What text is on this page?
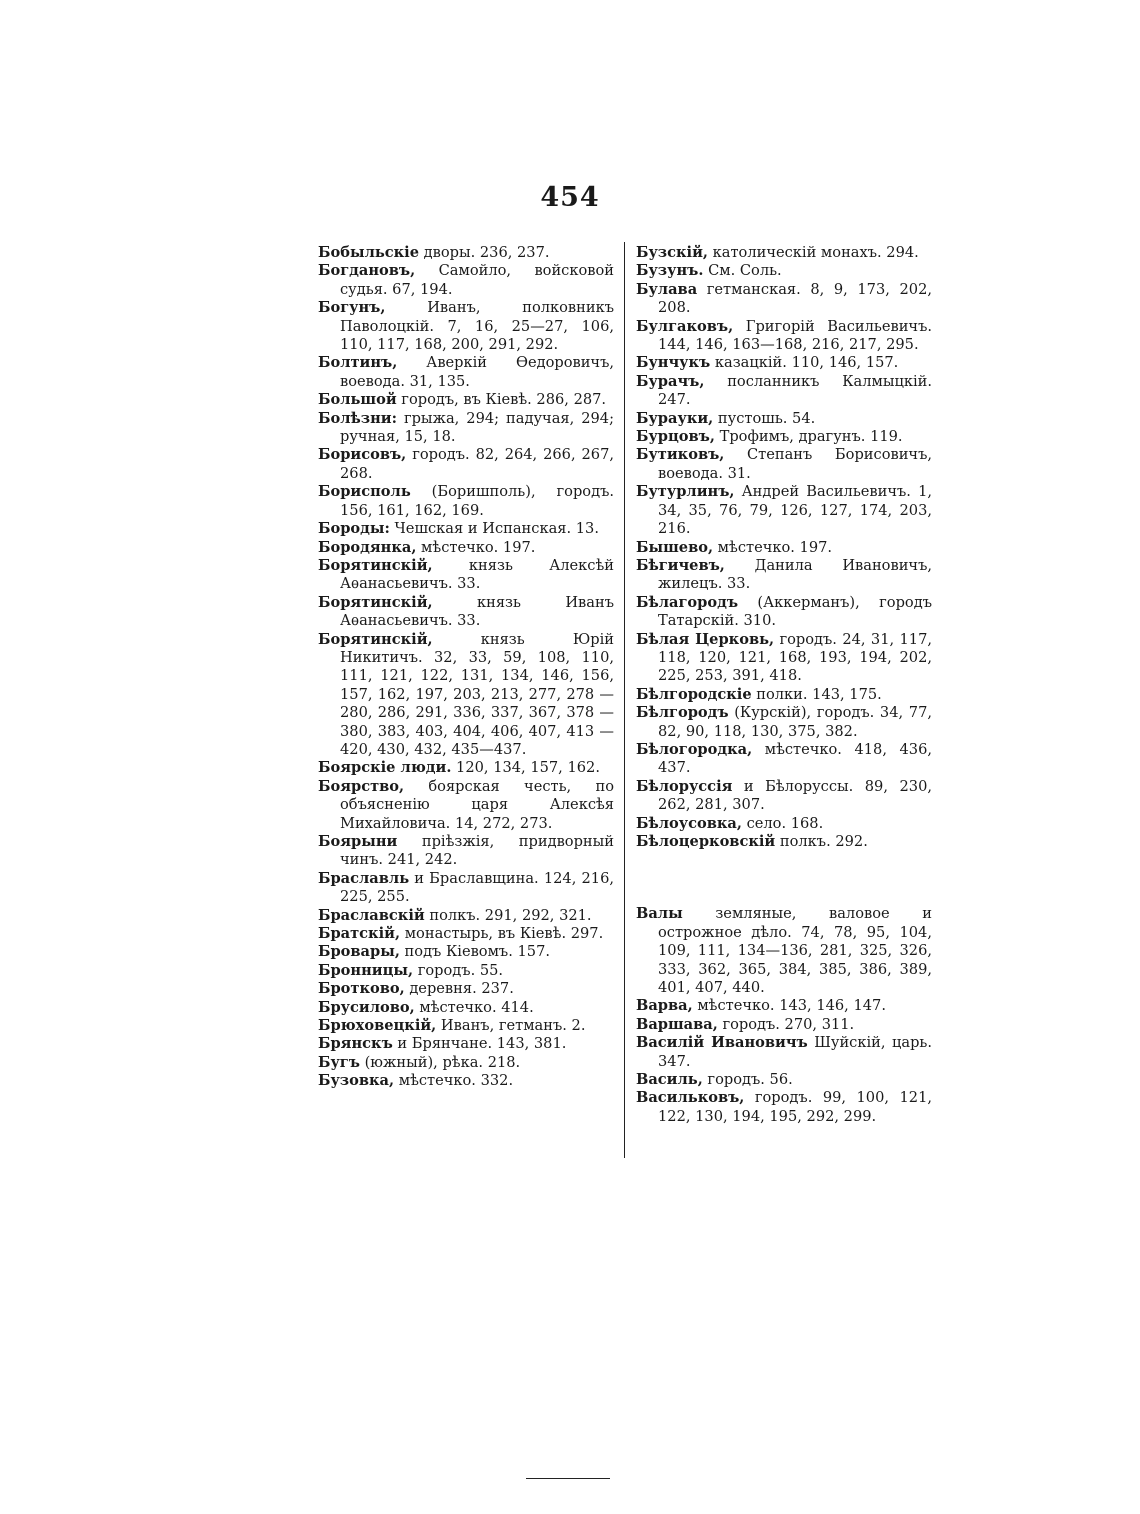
454
Бобыльскіе дворы. 236, 237.
Богдановъ, Самойло, войсковой судья. 67, 194.
Богунъ, Иванъ, полковникъ Паволоцкій. 7, 16, 25—27, 106, 110, 117, 168, 200, 291, 292.
Болтинъ, Аверкій Ѳедоровичъ, воевода. 31, 135.
Большой городъ, въ Кіевѣ. 286, 287.
Болѣзни: грыжа, 294; падучая, 294; ручная, 15, 18.
Борисовъ, городъ. 82, 264, 266, 267, 268.
Борисполь (Боришполь), городъ. 156, 161, 162, 169.
Бороды: Чешская и Испанская. 13.
Бородянка, мѣстечко. 197.
Борятинскій, князь Алексѣй Аѳанасьевичъ. 33.
Борятинскій, князь Иванъ Аѳанасьевичъ. 33.
Борятинскій, князь Юрій Никитичъ. 32, 33, 59, 108, 110, 111, 121, 122, 131, 134, 146, 156, 157, 162, 197, 203, 213, 277, 278 — 280, 286, 291, 336, 337, 367, 378 — 380, 383, 403, 404, 406, 407, 413 — 420, 430, 432, 435—437.
Боярскіе люди. 120, 134, 157, 162.
Боярство, боярская честь, по объясненію царя Алексѣя Михайловича. 14, 272, 273.
Боярыни пріѣзжія, придворный чинъ. 241, 242.
Браславль и Браславщина. 124, 216, 225, 255.
Браславскій полкъ. 291, 292, 321.
Братскій, монастырь, въ Кіевѣ. 297.
Бровары, подъ Кіевомъ. 157.
Бронницы, городъ. 55.
Бротково, деревня. 237.
Брусилово, мѣстечко. 414.
Брюховецкій, Иванъ, гетманъ. 2.
Брянскъ и Брянчане. 143, 381.
Бугъ (южный), рѣка. 218.
Бузовка, мѣстечко. 332.
Бузскій, католическій монахъ. 294.
Бузунъ. См. Соль.
Булава гетманская. 8, 9, 173, 202, 208.
Булгаковъ, Григорій Васильевичъ. 144, 146, 163—168, 216, 217, 295.
Бунчукъ казацкій. 110, 146, 157.
Бурачъ, посланникъ Калмыцкій. 247.
Бурауки, пустошь. 54.
Бурцовъ, Трофимъ, драгунъ. 119.
Бутиковъ, Степанъ Борисовичъ, воевода. 31.
Бутурлинъ, Андрей Васильевичъ. 1, 34, 35, 76, 79, 126, 127, 174, 203, 216.
Бышево, мѣстечко. 197.
Бѣгичевъ, Данила Ивановичъ, жилецъ. 33.
Бѣлагородъ (Аккерманъ), городъ Татарскій. 310.
Бѣлая Церковь, городъ. 24, 31, 117, 118, 120, 121, 168, 193, 194, 202, 225, 253, 391, 418.
Бѣлгородскіе полки. 143, 175.
Бѣлгородъ (Курскій), городъ. 34, 77, 82, 90, 118, 130, 375, 382.
Бѣлогородка, мѣстечко. 418, 436, 437.
Бѣлоруссія и Бѣлоруссы. 89, 230, 262, 281, 307.
Бѣлоусовка, село. 168.
Бѣлоцерковскій полкъ. 292.
Валы земляные, валовое и острожное дѣло. 74, 78, 95, 104, 109, 111, 134—136, 281, 325, 326, 333, 362, 365, 384, 385, 386, 389, 401, 407, 440.
Варва, мѣстечко. 143, 146, 147.
Варшава, городъ. 270, 311.
Василій Ивановичъ Шуйскій, царь. 347.
Василь, городъ. 56.
Васильковъ, городъ. 99, 100, 121, 122, 130, 194, 195, 292, 299.
